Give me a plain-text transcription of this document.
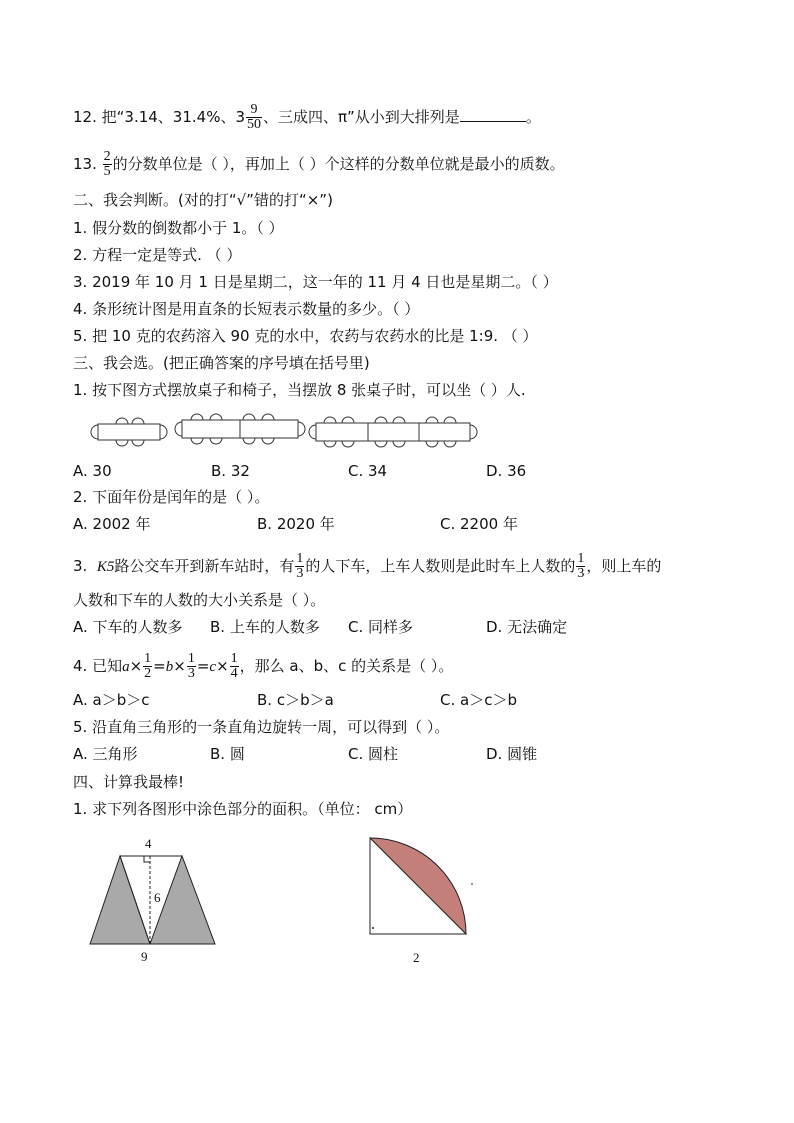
12. 把“3.14、31.4%、$3 \frac{9}{50}$ 、三成四、π”从小到大排列是	。
13. $\frac{2}{5}$ 的分数单位是（ ），再加上（ ）个这样的分数单位就是最小的质数。
二、我会判断。(对的打“√”错的打“×”)
1. 假分数的倒数都小于 1。（ ）
2. 方程一定是等式. （ ）
3. 2019 年 10 月 1 日是星期二，这一年的 11 月 4 日也是星期二。（ ）
4. 条形统计图是用直条的长短表示数量的多少。（ ）
5. 把 10 克的农药溶入 90 克的水中，农药与农药水的比是 1:9. （ ）
三、我会选。(把正确答案的序号填在括号里)
1. 按下图方式摆放桌子和椅子，当摆放 8 张桌子时，可以坐（ ）人.
A. 30	B. 32	C. 34	D. 36
2. 下面年份是闰年的是（ ）。
A. 2002 年	B. 2020 年	C. 2200 年
3. K5路公交车开到新车站时，有 $\frac{1}{3}$ 的人下车，上车人数则是此时车上人数的 $\frac{1}{3}$ ，则上车的
人数和下车的人数的大小关系是（ ）。
A. 下车的人数多 B. 上车的人数多 C. 同样多	D. 无法确定
4. 已知$a\times \frac{1}{2} =b\times \frac{1}{3} =c\times \frac{1}{4}$ ，那么 a、b、c 的关系是（ ）。
A. a＞b＞c	B. c＞b＞a	C. a＞c＞b
5. 沿直角三角形的一条直角边旋转一周，可以得到（ ）。
A. 三角形	B. 圆	C. 圆柱	D. 圆锥
四、计算我最棒!
1. 求下列各图形中涂色部分的面积。（单位： cm）
4
6
9	2
